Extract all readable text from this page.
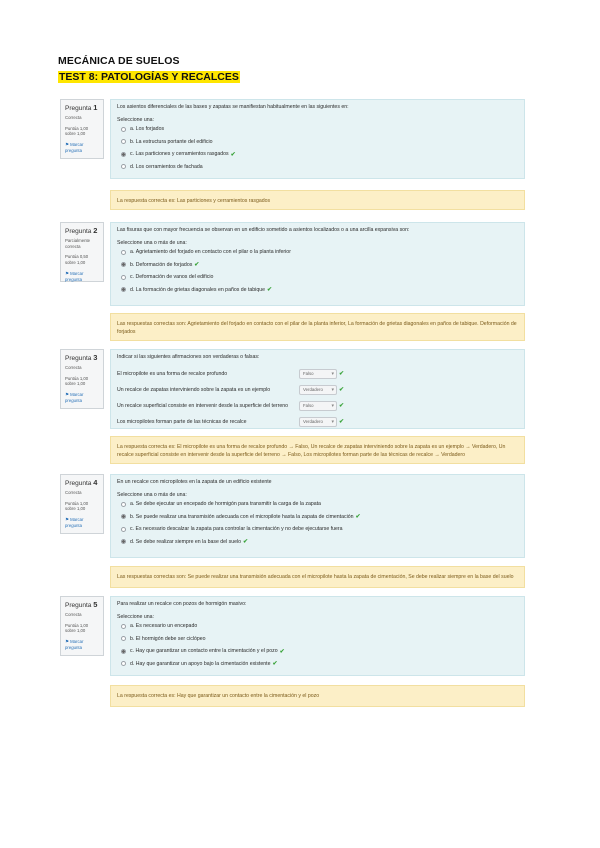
MECÁNICA DE SUELOS
TEST 8: PATOLOGÍAS Y RECALCES
Pregunta 1
Correcta
Puntúa 1,00 sobre 1,00
⚑ Marcar pregunta
Los asientos diferenciales de las bases y zapatas se manifiestan habitualmente en las siguientes en:
Seleccione una:
a.
Los forjados
b.
La estructura portante del edificio
c.
Las particiones y cerramientos rasgados ✔
d.
Los cerramientos de fachada
La respuesta correcta es: Las particiones y cerramientos rasgados
Pregunta 2
Parcialmente correcta
Puntúa 0,50 sobre 1,00
⚑ Marcar pregunta
Las fisuras que con mayor frecuencia se observan en un edificio sometido a asientos localizados o a una arcilla expansiva son:
Seleccione una o más de una:
a.
Agrietamiento del forjado en contacto con el pilar o la planta inferior
b.
Deformación de forjados ✔
c.
Deformación de vanos del edificio
d.
La formación de grietas diagonales en paños de tabique ✔
Las respuestas correctas son: Agrietamiento del forjado en contacto con el pilar de la planta inferior, La formación de grietas diagonales en paños de tabique. Deformación de forjados
Pregunta 3
Correcta
Puntúa 1,00 sobre 1,00
⚑ Marcar pregunta
Indicar si las siguientes afirmaciones son verdaderas o falsas:
El micropilote es una forma de recalce profundo	Falso ▾	✔
Un recalce de zapatas interviniendo sobre la zapata es un ejemplo	Verdadero ▾	✔
Un recalce superficial consiste en intervenir desde la superficie del terreno	Falso ▾	✔
Los micropilotes forman parte de las técnicas de recalce	Verdadero ▾	✔
La respuesta correcta es: El micropilote es una forma de recalce profundo → Falso, Un recalce de zapatas interviniendo sobre la zapata es un ejemplo → Verdadero, Un recalce superficial consiste en intervenir desde la superficie del terreno → Falso, Los micropilotes forman parte de las técnicas de recalce → Verdadero
Pregunta 4
Correcta
Puntúa 1,00 sobre 1,00
⚑ Marcar pregunta
En un recalce con micropilotes en la zapata de un edificio existente
Seleccione una o más de una:
a.
Se debe ejecutar un encepado de hormigón para transmitir la carga de la zapata
b.
Se puede realizar una transmisión adecuada con el micropilote hasta la zapata de cimentación ✔
c.
Es necesario descalzar la zapata para controlar la cimentación y no debe ejecutarse fuera
d.
Se debe realizar siempre en la base del suelo ✔
Las respuestas correctas son: Se puede realizar una transmisión adecuada con el micropilote hasta la zapata de cimentación, Se debe realizar siempre en la base del suelo
Pregunta 5
Correcta
Puntúa 1,00 sobre 1,00
⚑ Marcar pregunta
Para realizar un recalce con pozos de hormigón masivo:
Seleccione una:
a.
Es necesario un encepado
b.
El hormigón debe ser ciclópeo
c.
Hay que garantizar un contacto entre la cimentación y el pozo ✔
d.
Hay que garantizar un apoyo bajo la cimentación existente ✔
La respuesta correcta es: Hay que garantizar un contacto entre la cimentación y el pozo
